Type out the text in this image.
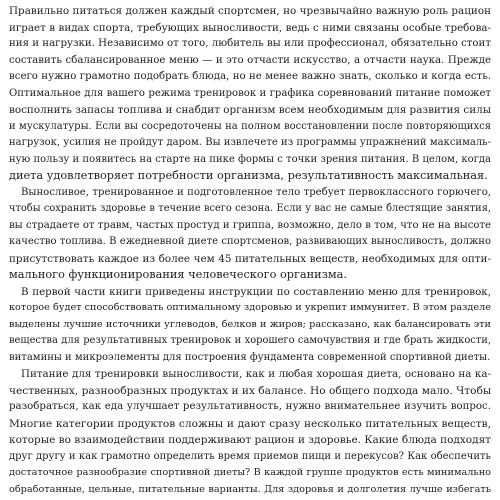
Правильно питаться должен каждый спортсмен, но чрезвычайно важную роль рацион
играет в видах спорта, требующих выносливости, ведь с ними связаны особые требова-
ния и нагрузки. Независимо от того, любитель вы или профессионал, обязательно стоит
составить сбалансированное меню — и это отчасти искусство, а отчасти наука. Прежде
всего нужно грамотно подобрать блюда, но не менее важно знать, сколько и когда есть.
Оптимальное для вашего режима тренировок и графика соревнований питание поможет
восполнить запасы топлива и снабдит организм всем необходимым для развития силы
и мускулатуры. Если вы сосредоточены на полном восстановлении после повторяющихся
нагрузок, усилия не пройдут даром. Вы извлечете из программы упражнений максималь-
ную пользу и появитесь на старте на пике формы с точки зрения питания. В целом, когда
диета удовлетворяет потребности организма, результативность максимальная.
Выносливое, тренированное и подготовленное тело требует первоклассного горючего,
чтобы сохранить здоровье в течение всего сезона. Если у вас не самые блестящие занятия,
вы страдаете от травм, частых простуд и гриппа, возможно, дело в том, что не на высоте
качество топлива. В ежедневной диете спортсменов, развивающих выносливость, должно
присутствовать каждое из более чем 45 питательных веществ, необходимых для опти-
мального функционирования человеческого организма.
В первой части книги приведены инструкции по составлению меню для тренировок,
которое будет способствовать оптимальному здоровью и укрепит иммунитет. В этом разделе
выделены лучшие источники углеводов, белков и жиров; рассказано, как балансировать эти
вещества для результативных тренировок и хорошего самочувствия и где брать жидкости,
витамины и микроэлементы для построения фундамента современной спортивной диеты.
Питание для тренировки выносливости, как и любая хорошая диета, основано на ка-
чественных, разнообразных продуктах и их балансе. Но общего подхода мало. Чтобы
разобраться, как еда улучшает результативность, нужно внимательнее изучить вопрос.
Многие категории продуктов сложны и дают сразу несколько питательных веществ,
которые во взаимодействии поддерживают рацион и здоровье. Какие блюда подходят
друг другу и как грамотно определить время приемов пищи и перекусов? Как обеспечить
достаточное разнообразие спортивной диеты? В каждой группе продуктов есть минимально
обработанные, цельные, питательные варианты. Для здоровья и долголетия лучше избегать
